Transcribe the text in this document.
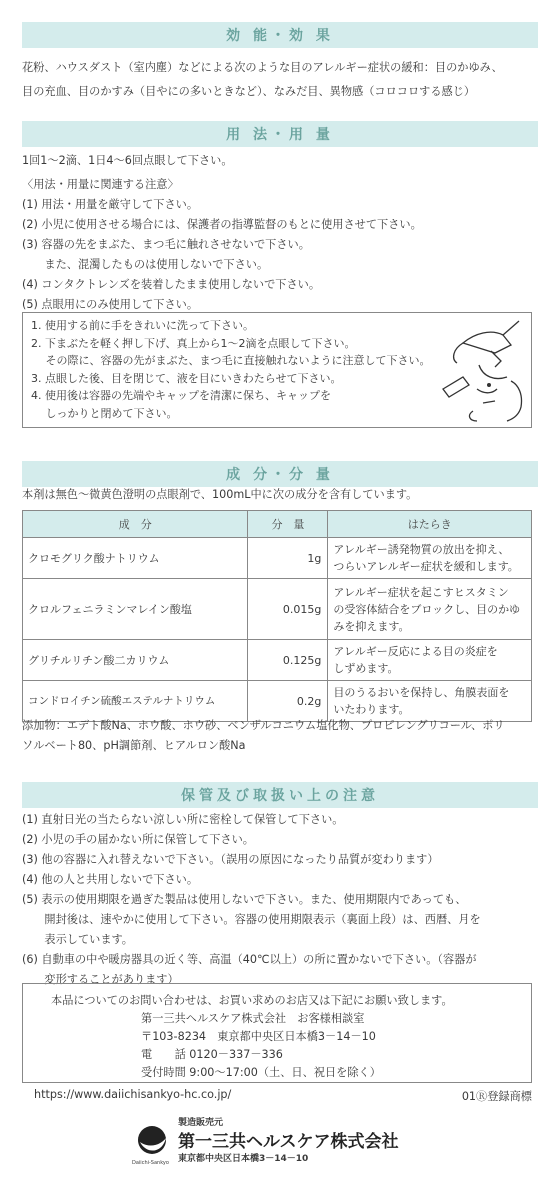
効 能・効 果
花粉、ハウスダスト（室内塵）などによる次のような目のアレルギー症状の緩和：目のかゆみ、
目の充血、目のかすみ（目やにの多いときなど）、なみだ目、異物感（コロコロする感じ）
用 法・用 量
1回1～2滴、1日4～6回点眼して下さい。
〈用法・用量に関連する注意〉
(1) 用法・用量を厳守して下さい。
(2) 小児に使用させる場合には、保護者の指導監督のもとに使用させて下さい。
(3) 容器の先をまぶた、まつ毛に触れさせないで下さい。
　　また、混濁したものは使用しないで下さい。
(4) コンタクトレンズを装着したまま使用しないで下さい。
(5) 点眼用にのみ使用して下さい。
1. 使用する前に手をきれいに洗って下さい。
2. 下まぶたを軽く押し下げ、真上から1～2滴を点眼して下さい。
　 その際に、容器の先がまぶた、まつ毛に直接触れないように注意して下さい。
3. 点眼した後、目を閉じて、液を目にいきわたらせて下さい。
4. 使用後は容器の先端やキャップを清潔に保ち、キャップを
　 しっかりと閉めて下さい。
成 分・分 量
本剤は無色～微黄色澄明の点眼剤で、100mL中に次の成分を含有しています。
成　分	分　量	はたらき
クロモグリク酸ナトリウム	1g	アレルギー誘発物質の放出を抑え、
つらいアレルギー症状を緩和します。
クロルフェニラミンマレイン酸塩	0.015g	アレルギー症状を起こすヒスタミン
の受容体結合をブロックし、目のかゆ
みを抑えます。
グリチルリチン酸二カリウム	0.125g	アレルギー反応による目の炎症を
しずめます。
コンドロイチン硫酸エステルナトリウム	0.2g	目のうるおいを保持し、角膜表面を
いたわります。
添加物：エデト酸Na、ホウ酸、ホウ砂、ベンザルコニウム塩化物、プロピレングリコール、ポリ
ソルベート80、pH調節剤、ヒアルロン酸Na
保管及び取扱い上の注意
(1) 直射日光の当たらない涼しい所に密栓して保管して下さい。
(2) 小児の手の届かない所に保管して下さい。
(3) 他の容器に入れ替えないで下さい。（誤用の原因になったり品質が変わります）
(4) 他の人と共用しないで下さい。
(5) 表示の使用期限を過ぎた製品は使用しないで下さい。また、使用期限内であっても、
　　開封後は、速やかに使用して下さい。容器の使用期限表示（裏面上段）は、西暦、月を
　　表示しています。
(6) 自動車の中や暖房器具の近く等、高温（40℃以上）の所に置かないで下さい。（容器が
　　変形することがあります）
本品についてのお問い合わせは、お買い求めのお店又は下記にお願い致します。
第一三共ヘルスケア株式会社　お客様相談室
〒103-8234　東京都中央区日本橋3－14－10
電　　話 0120－337－336
受付時間 9:00～17:00（土、日、祝日を除く）
https://www.daiichisankyo-hc.co.jp/	01Ⓡ登録商標
Daiichi-Sankyo
製造販売元
第一三共ヘルスケア株式会社
東京都中央区日本橋3－14－10
